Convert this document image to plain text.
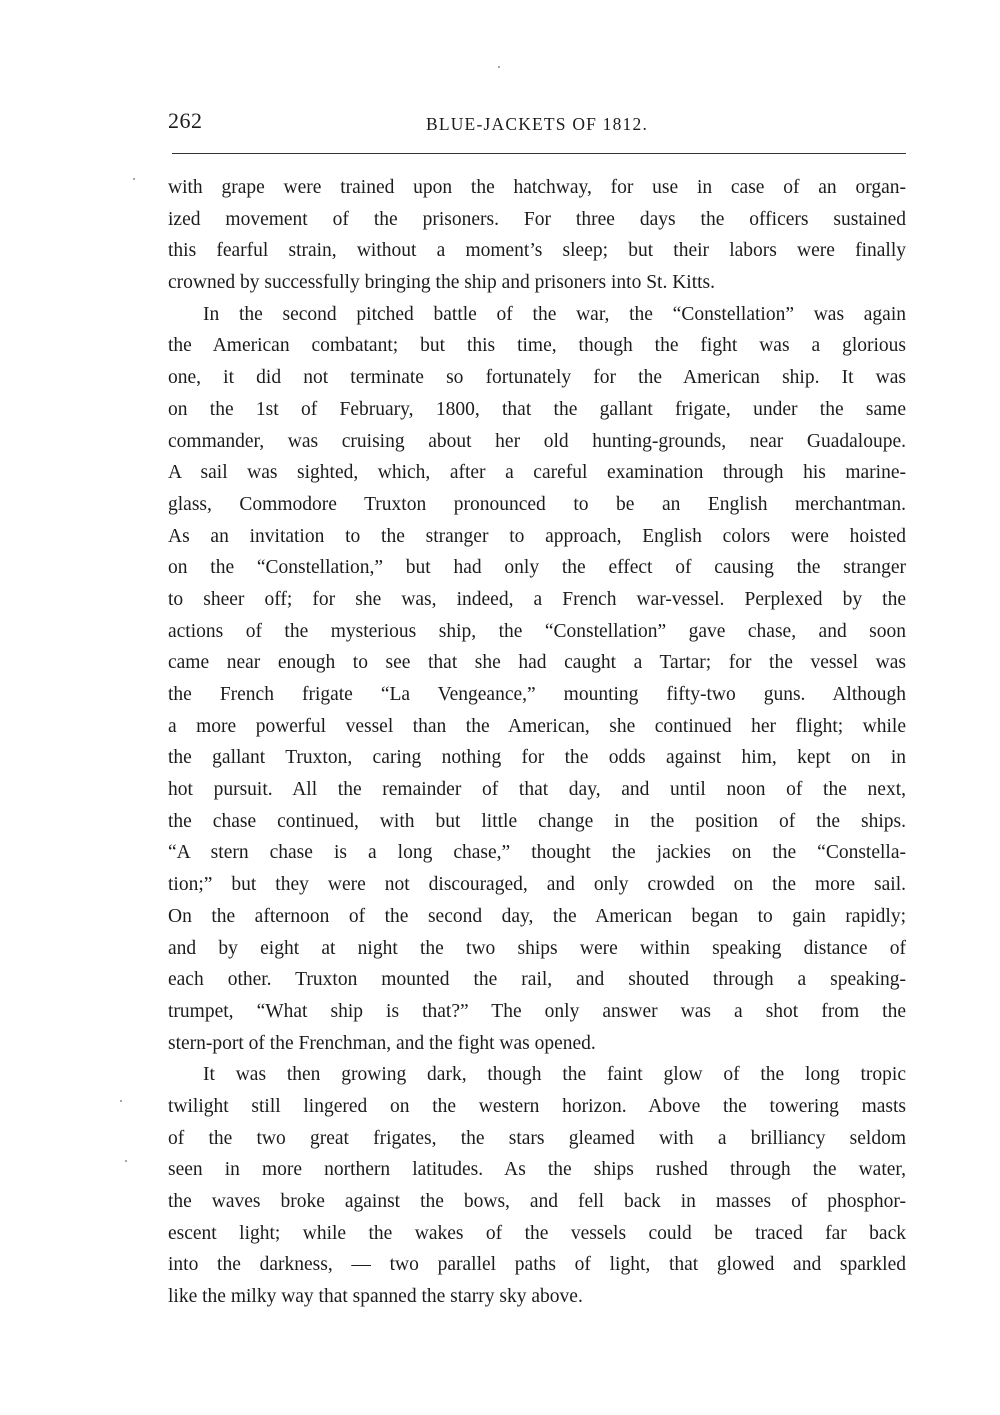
262	BLUE-JACKETS OF 1812.
with grape were trained upon the hatchway, for use in case of an organ-
ized movement of the prisoners. For three days the officers sustained
this fearful strain, without a moment’s sleep; but their labors were finally
crowned by successfully bringing the ship and prisoners into St. Kitts.
In the second pitched battle of the war, the “Constellation” was again
the American combatant; but this time, though the fight was a glorious
one, it did not terminate so fortunately for the American ship. It was
on the 1st of February, 1800, that the gallant frigate, under the same
commander, was cruising about her old hunting-grounds, near Guadaloupe.
A sail was sighted, which, after a careful examination through his marine-
glass, Commodore Truxton pronounced to be an English merchantman.
As an invitation to the stranger to approach, English colors were hoisted
on the “Constellation,” but had only the effect of causing the stranger
to sheer off; for she was, indeed, a French war-vessel. Perplexed by the
actions of the mysterious ship, the “Constellation” gave chase, and soon
came near enough to see that she had caught a Tartar; for the vessel was
the French frigate “La Vengeance,” mounting fifty-two guns. Although
a more powerful vessel than the American, she continued her flight; while
the gallant Truxton, caring nothing for the odds against him, kept on in
hot pursuit. All the remainder of that day, and until noon of the next,
the chase continued, with but little change in the position of the ships.
“A stern chase is a long chase,” thought the jackies on the “Constella-
tion;” but they were not discouraged, and only crowded on the more sail.
On the afternoon of the second day, the American began to gain rapidly;
and by eight at night the two ships were within speaking distance of
each other. Truxton mounted the rail, and shouted through a speaking-
trumpet, “What ship is that?” The only answer was a shot from the
stern-port of the Frenchman, and the fight was opened.
It was then growing dark, though the faint glow of the long tropic
twilight still lingered on the western horizon. Above the towering masts
of the two great frigates, the stars gleamed with a brilliancy seldom
seen in more northern latitudes. As the ships rushed through the water,
the waves broke against the bows, and fell back in masses of phosphor-
escent light; while the wakes of the vessels could be traced far back
into the darkness, — two parallel paths of light, that glowed and sparkled
like the milky way that spanned the starry sky above.
